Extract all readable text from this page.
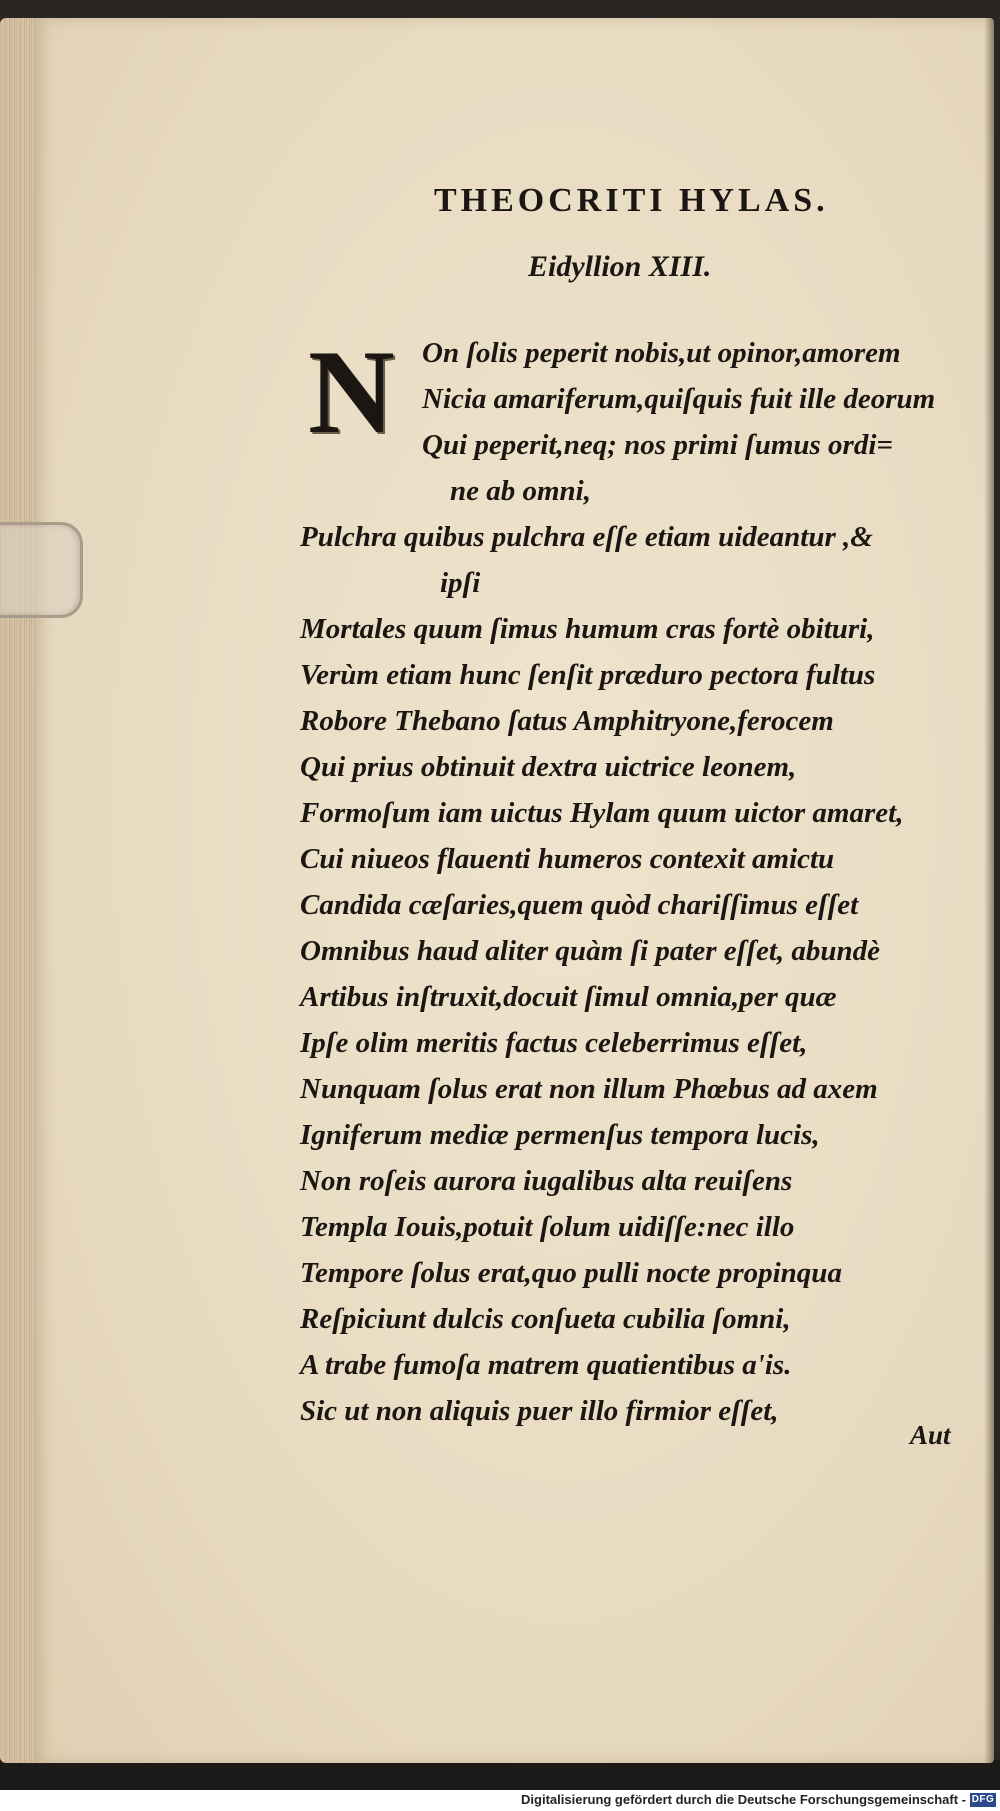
THEOCRITI HYLAS.
Eidyllion XIII.
N On ſolis peperit nobis,ut opinor,amorem
Nicia amariferum,quiſquis fuit ille deorum
Qui peperit,neq; nos primi ſumus ordi=
ne ab omni,
Pulchra quibus pulchra eſſe etiam uideantur ,&
ipſi
Mortales quum ſimus humum cras fortè obituri,
Verùm etiam hunc ſenſit præduro pectora fultus
Robore Thebano ſatus Amphitryone,ferocem
Qui prius obtinuit dextra uictrice leonem,
Formoſum iam uictus Hylam quum uictor amaret,
Cui niueos flauenti humeros contexit amictu
Candida cæſaries,quem quòd chariſſimus eſſet
Omnibus haud aliter quàm ſi pater eſſet, abundè
Artibus inſtruxit,docuit ſimul omnia,per quæ
Ipſe olim meritis factus celeberrimus eſſet,
Nunquam ſolus erat non illum Phœbus ad axem
Igniferum mediæ permenſus tempora lucis,
Non roſeis aurora iugalibus alta reuiſens
Templa Iouis,potuit ſolum uidiſſe:nec illo
Tempore ſolus erat,quo pulli nocte propinqua
Reſpiciunt dulcis conſueta cubilia ſomni,
A trabe fumoſa matrem quatientibus a'is.
Sic ut non aliquis puer illo firmior eſſet,
Aut
Digitalisierung gefördert durch die Deutsche Forschungsgemeinschaft - DFG
